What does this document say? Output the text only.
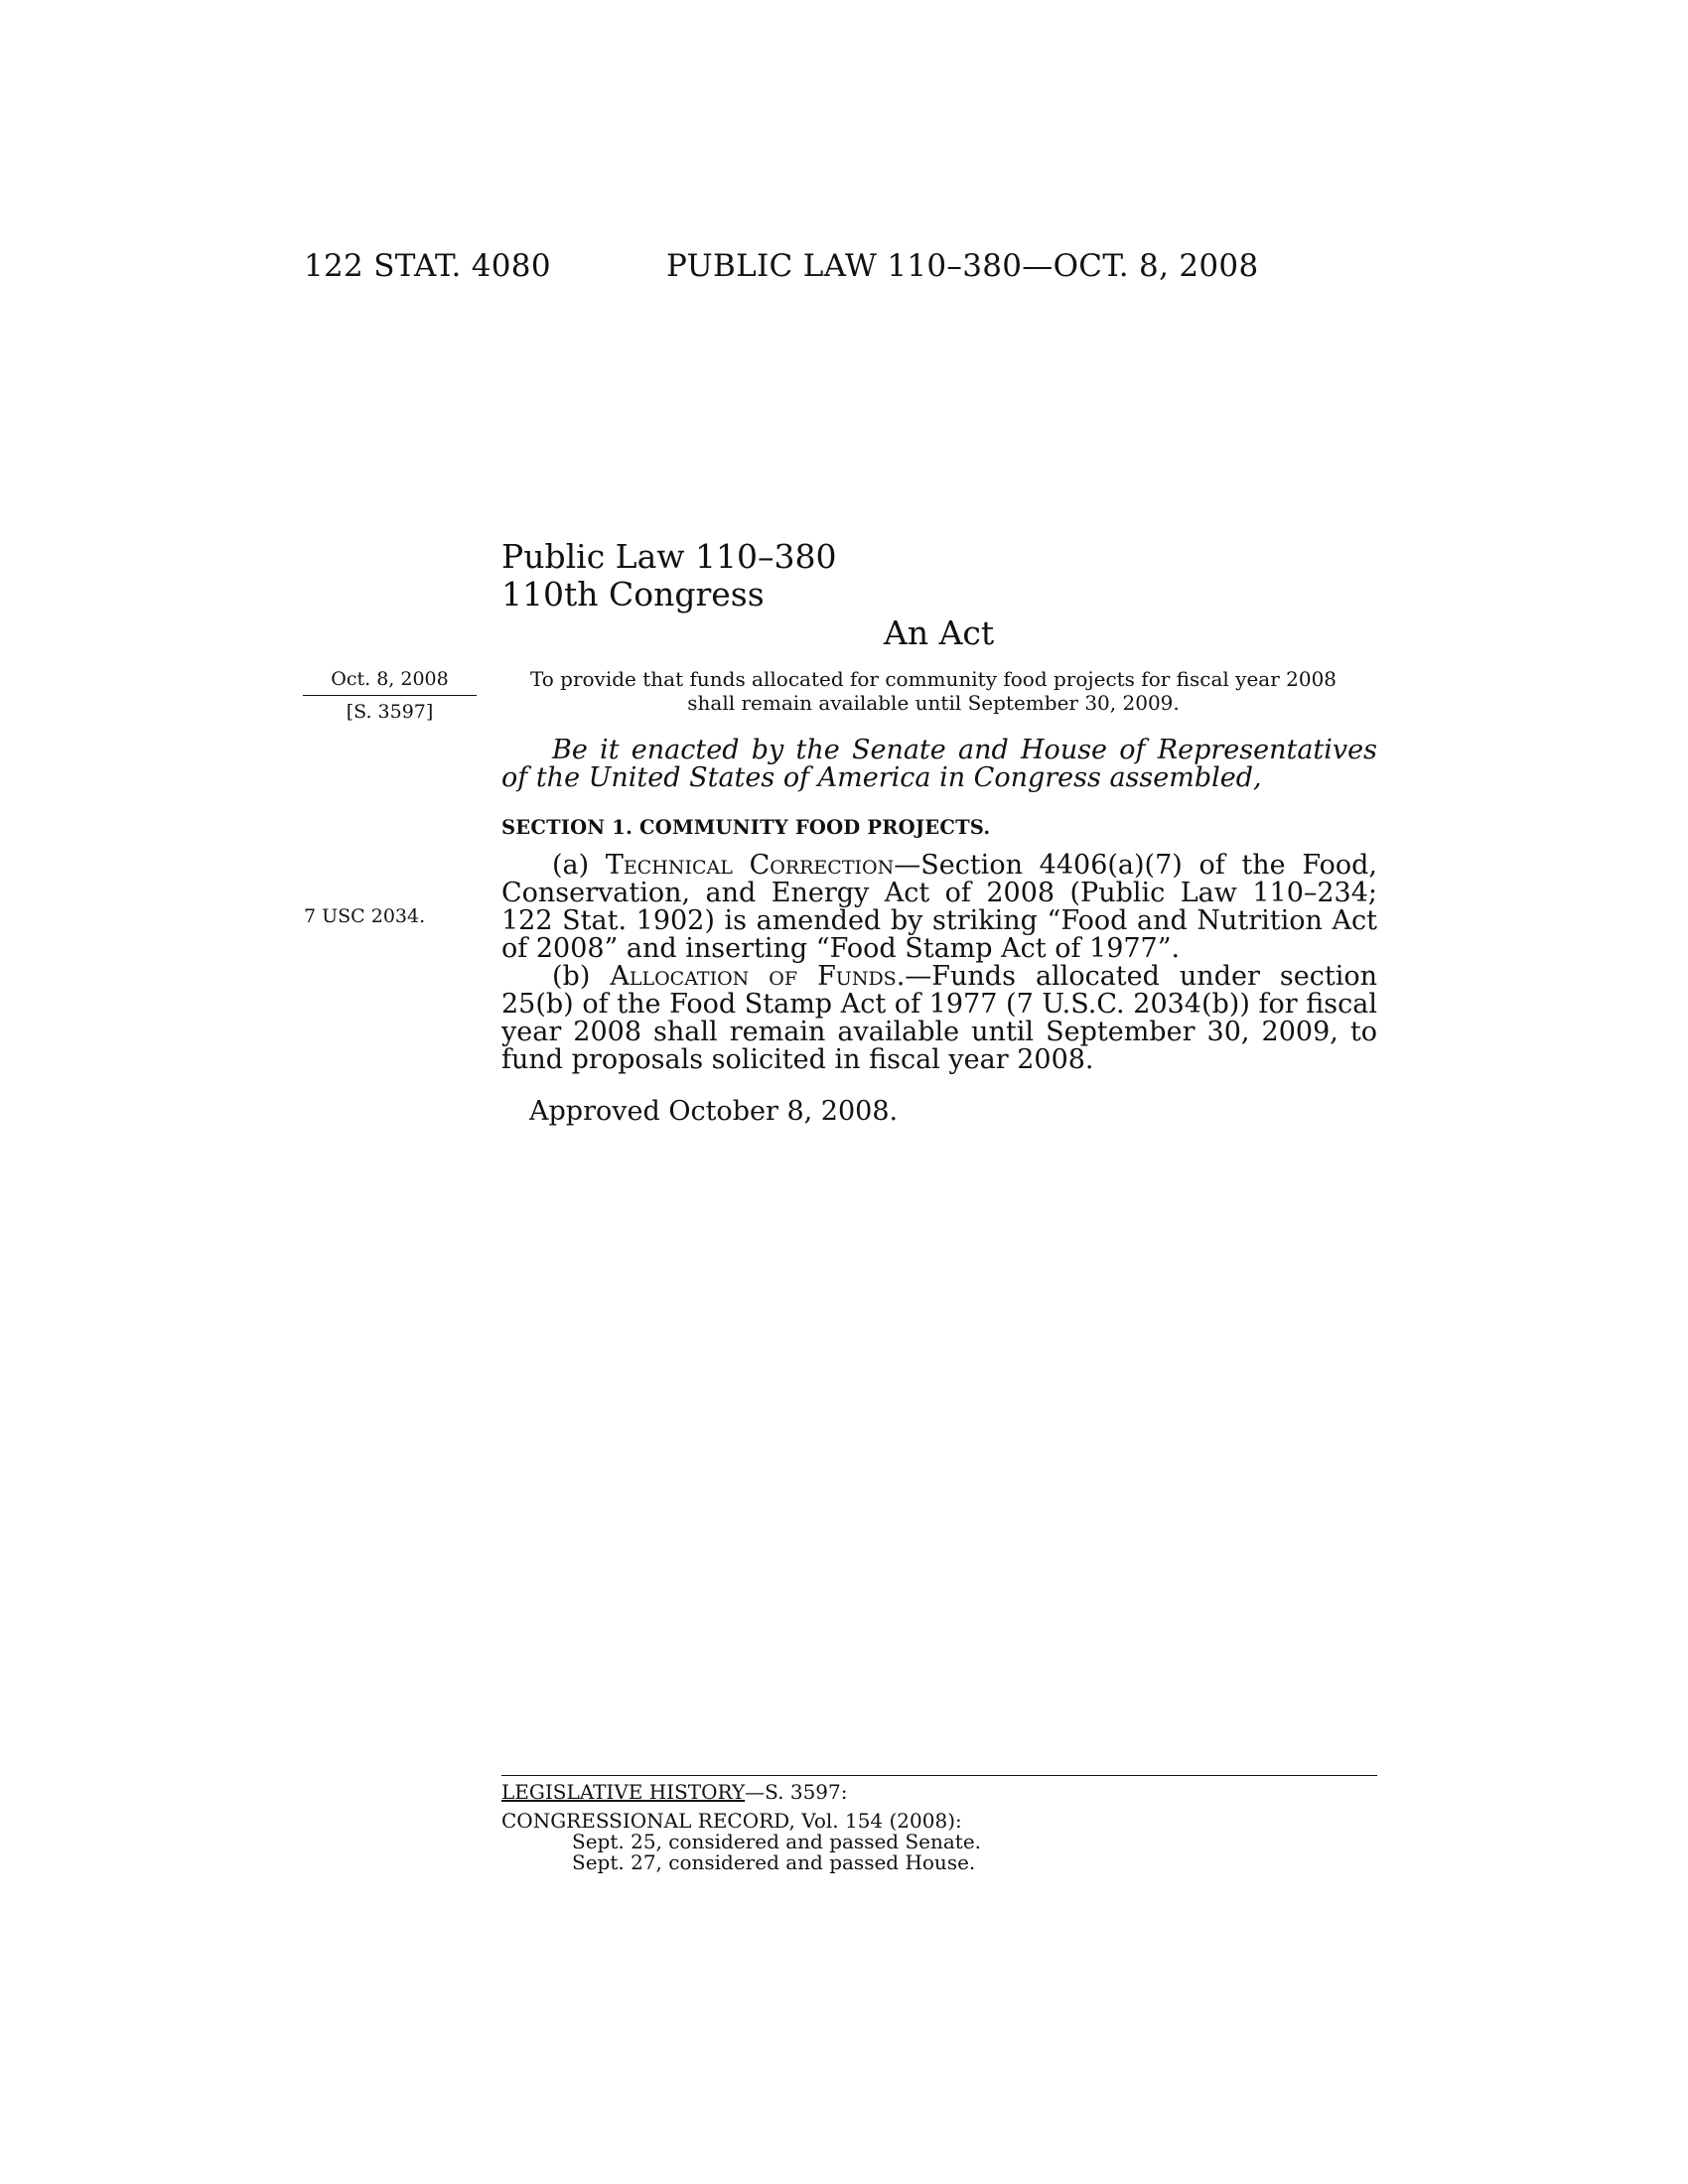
122 STAT. 4080	PUBLIC LAW 110–380—OCT. 8, 2008
Public Law 110–380
110th Congress
An Act
Oct. 8, 2008
[S. 3597]
7 USC 2034.
To provide that funds allocated for community food projects for fiscal year 2008 shall remain available until September 30, 2009.
Be it enacted by the Senate and House of Representatives of the United States of America in Congress assembled,
SECTION 1. COMMUNITY FOOD PROJECTS.
(a) Technical Correction—Section 4406(a)(7) of the Food, Conservation, and Energy Act of 2008 (Public Law 110–234; 122 Stat. 1902) is amended by striking “Food and Nutrition Act of 2008” and inserting “Food Stamp Act of 1977”.
(b) Allocation of Funds.—Funds allocated under section 25(b) of the Food Stamp Act of 1977 (7 U.S.C. 2034(b)) for fiscal year 2008 shall remain available until September 30, 2009, to fund proposals solicited in fiscal year 2008.
Approved October 8, 2008.
LEGISLATIVE HISTORY—S. 3597:
CONGRESSIONAL RECORD, Vol. 154 (2008):
Sept. 25, considered and passed Senate.
Sept. 27, considered and passed House.
